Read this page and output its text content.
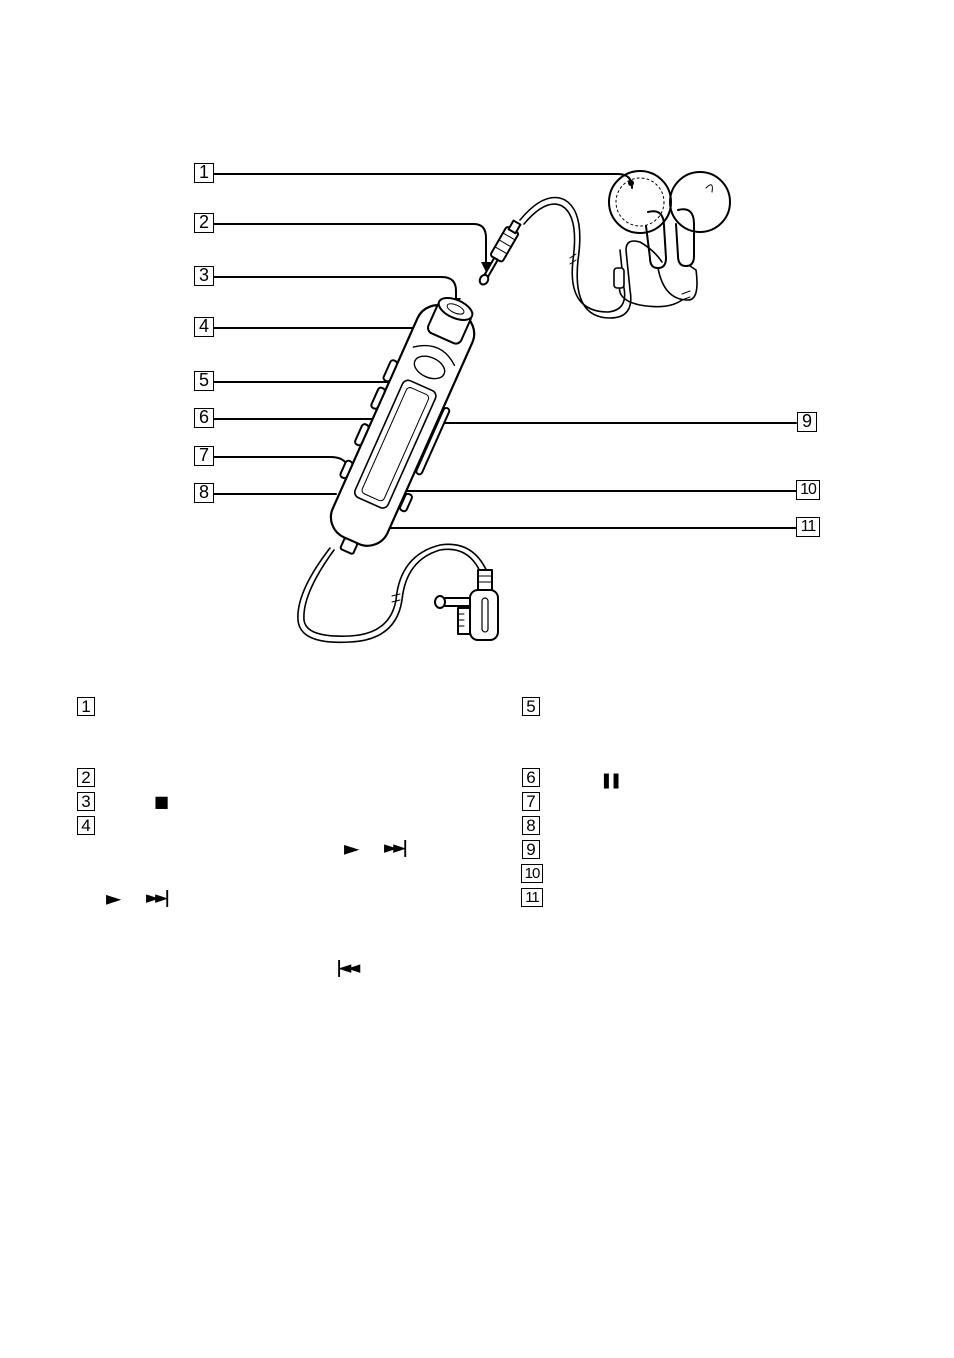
1
2
3
4
5
6
7
8
9
10
11
1
2
3
4
■
► ►►|
► ►►|
|◄◄
5
6
7
8
9
10
11
❚❚
